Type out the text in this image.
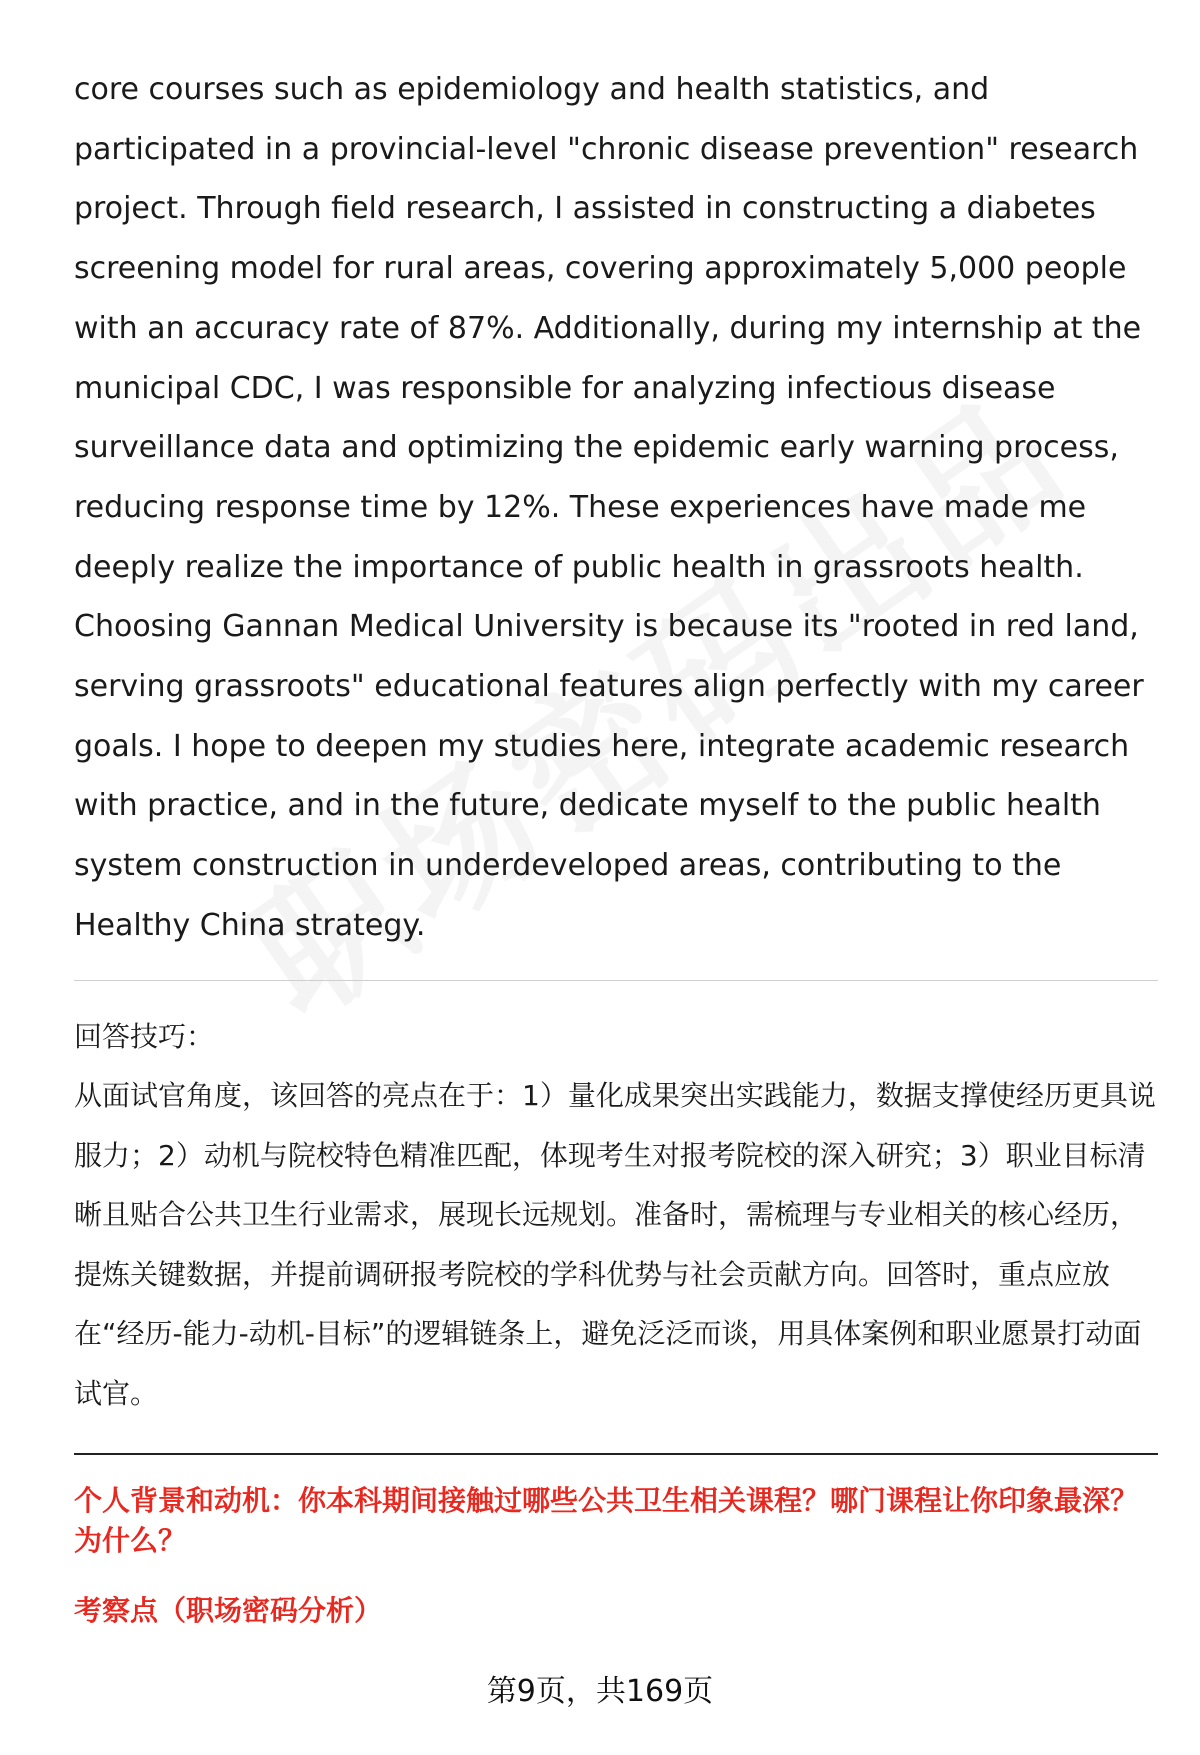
core courses such as epidemiology and health statistics, and participated in a provincial-level "chronic disease prevention" research project. Through field research, I assisted in constructing a diabetes screening model for rural areas, covering approximately 5,000 people with an accuracy rate of 87%. Additionally, during my internship at the municipal CDC, I was responsible for analyzing infectious disease surveillance data and optimizing the epidemic early warning process, reducing response time by 12%. These experiences have made me deeply realize the importance of public health in grassroots health. Choosing Gannan Medical University is because its "rooted in red land, serving grassroots" educational features align perfectly with my career goals. I hope to deepen my studies here, integrate academic research with practice, and in the future, dedicate myself to the public health system construction in underdeveloped areas, contributing to the Healthy China strategy.

回答技巧：

从面试官角度，该回答的亮点在于：1）量化成果突出实践能力，数据支撑使经历更具说服力；2）动机与院校特色精准匹配，体现考生对报考院校的深入研究；3）职业目标清晰且贴合公共卫生行业需求，展现长远规划。准备时，需梳理与专业相关的核心经历，提炼关键数据，并提前调研报考院校的学科优势与社会贡献方向。回答时，重点应放在“经历-能力-动机-目标”的逻辑链条上，避免泛泛而谈，用具体案例和职业愿景打动面试官。

个人背景和动机：你本科期间接触过哪些公共卫生相关课程？哪门课程让你印象最深？为什么？
考察点（职场密码分析）
第9页，共169页
